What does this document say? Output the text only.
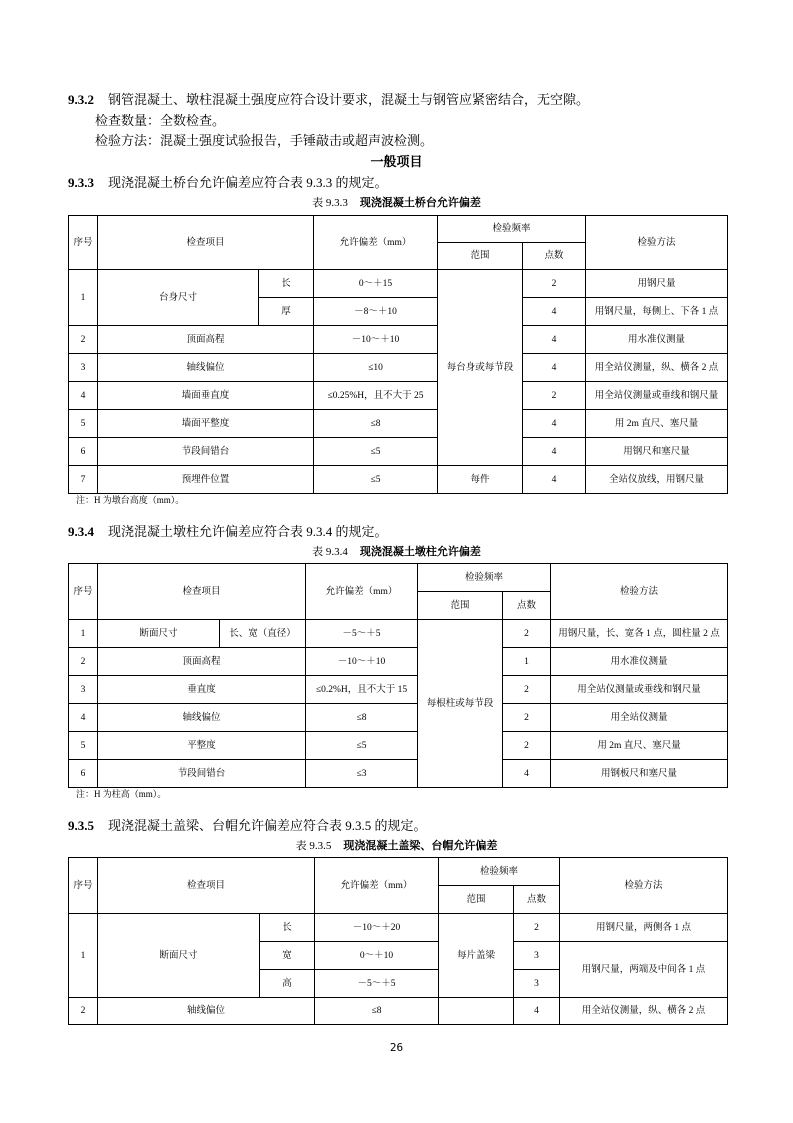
9.3.2 钢管混凝土、墩柱混凝土强度应符合设计要求，混凝土与钢管应紧密结合，无空隙。
检查数量：全数检查。
检验方法：混凝土强度试验报告，手锤敲击或超声波检测。
一般项目
9.3.3 现浇混凝土桥台允许偏差应符合表 9.3.3 的规定。
表 9.3.3 现浇混凝土桥台允许偏差
序号	检查项目		允许偏差（mm）	检验频率		检验方法
				范围	点数	
1	台身尺寸	长	0～＋15	每台身或每节段	2	用钢尺量
		厚	－8～＋10		4	用钢尺量，每侧上、下各 1 点
2	顶面高程		－10～＋10		4	用水准仪测量
3	轴线偏位		≤10		4	用全站仪测量，纵、横各 2 点
4	墙面垂直度		≤0.25%H，且不大于 25		2	用全站仪测量或垂线和钢尺量
5	墙面平整度		≤8		4	用 2m 直尺、塞尺量
6	节段间错台		≤5		4	用钢尺和塞尺量
7	预埋件位置		≤5	每件	4	全站仪放线，用钢尺量
注：H 为墩台高度（mm）。
9.3.4 现浇混凝土墩柱允许偏差应符合表 9.3.4 的规定。
表 9.3.4 现浇混凝土墩柱允许偏差
序号	检查项目		允许偏差（mm）	检验频率		检验方法
				范围	点数	
1	断面尺寸	长、宽（直径）	－5～＋5	每根柱或每节段	2	用钢尺量，长、宽各 1 点，圆柱量 2 点
2	顶面高程		－10～＋10		1	用水准仪测量
3	垂直度		≤0.2%H，且不大于 15		2	用全站仪测量或垂线和钢尺量
4	轴线偏位		≤8		2	用全站仪测量
5	平整度		≤5		2	用 2m 直尺、塞尺量
6	节段间错台		≤3		4	用钢板尺和塞尺量
注：H 为柱高（mm）。
9.3.5 现浇混凝土盖梁、台帽允许偏差应符合表 9.3.5 的规定。
表 9.3.5 现浇混凝土盖梁、台帽允许偏差
序号	检查项目		允许偏差（mm）	检验频率		检验方法
				范围	点数	
1	断面尺寸	长	－10～＋20	每片盖梁	2	用钢尺量，两侧各 1 点
		宽	0～＋10		3	用钢尺量，两端及中间各 1 点
		高	－5～＋5		3	
2	轴线偏位		≤8		4	用全站仪测量，纵、横各 2 点
26
